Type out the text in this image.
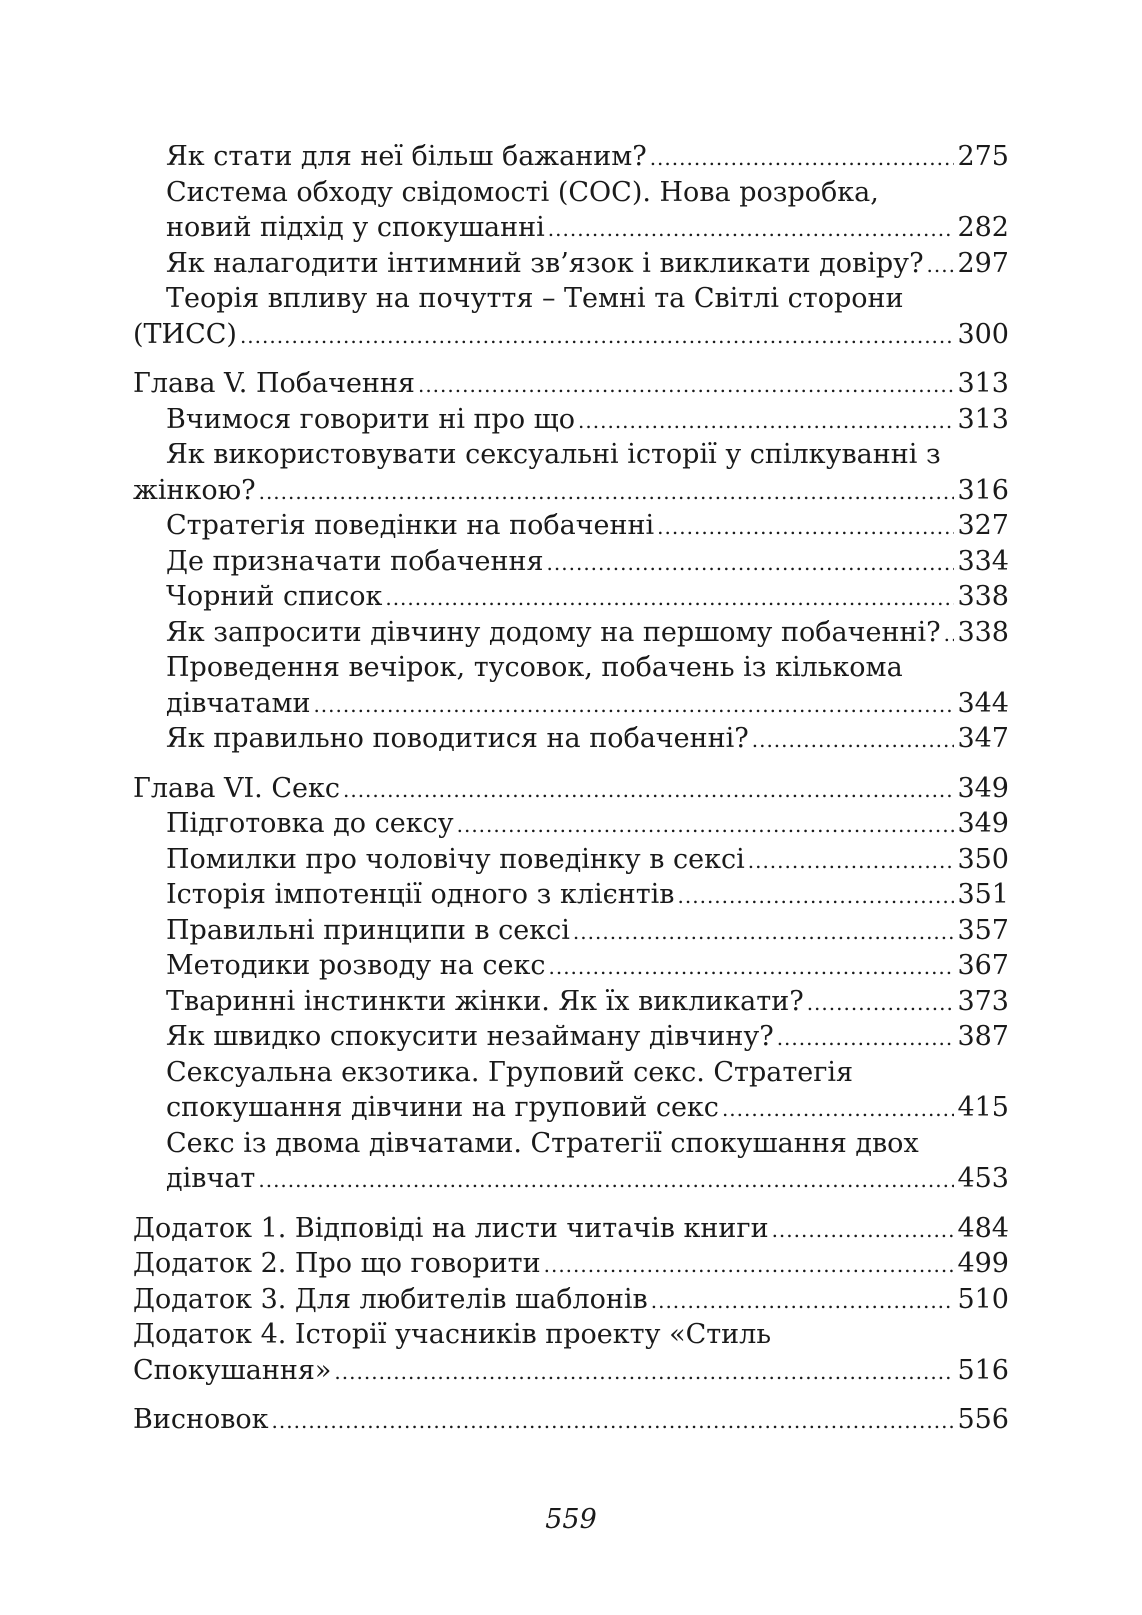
Як стати для неї більш бажаним? .....	275
Система обходу свідомості (СОС). Нова розробка,
новий підхід у спокушанні .....	282
Як налагодити інтимний зв’язок і викликати довіру? ..... 297
Теорія впливу на почуття – Темні та Світлі сторони
(ТИСС) .....	300
Глава V. Побачення .....	313
Вчимося говорити ні про що .....	313
Як використовувати сексуальні історії у спілкуванні з
жінкою? .....	316
Стратегія поведінки на побаченні .....	327
Де призначати побачення .....	334
Чорний список .....	338
Як запросити дівчину додому на першому побаченні? ..... 338
Проведення вечірок, тусовок, побачень із кількома
дівчатами .....	344
Як правильно поводитися на побаченні? .....	347
Глава VI. Секс .....	349
Підготовка до сексу .....	349
Помилки про чоловічу поведінку в сексі .....	350
Історія імпотенції одного з клієнтів .....	351
Правильні принципи в сексі .....	357
Методики розводу на секс .....	367
Тваринні інстинкти жінки. Як їх викликати? .....	373
Як швидко спокусити незайману дівчину? .....	387
Сексуальна екзотика. Груповий секс. Стратегія
спокушання дівчини на груповий секс .....	415
Секс із двома дівчатами. Стратегії спокушання двох
дівчат .....	453
Додаток 1. Відповіді на листи читачів книги .....	484
Додаток 2. Про що говорити .....	499
Додаток 3. Для любителів шаблонів .....	510
Додаток 4. Історії учасників проекту «Стиль
Спокушання» .....	516
Висновок .....	556
559
